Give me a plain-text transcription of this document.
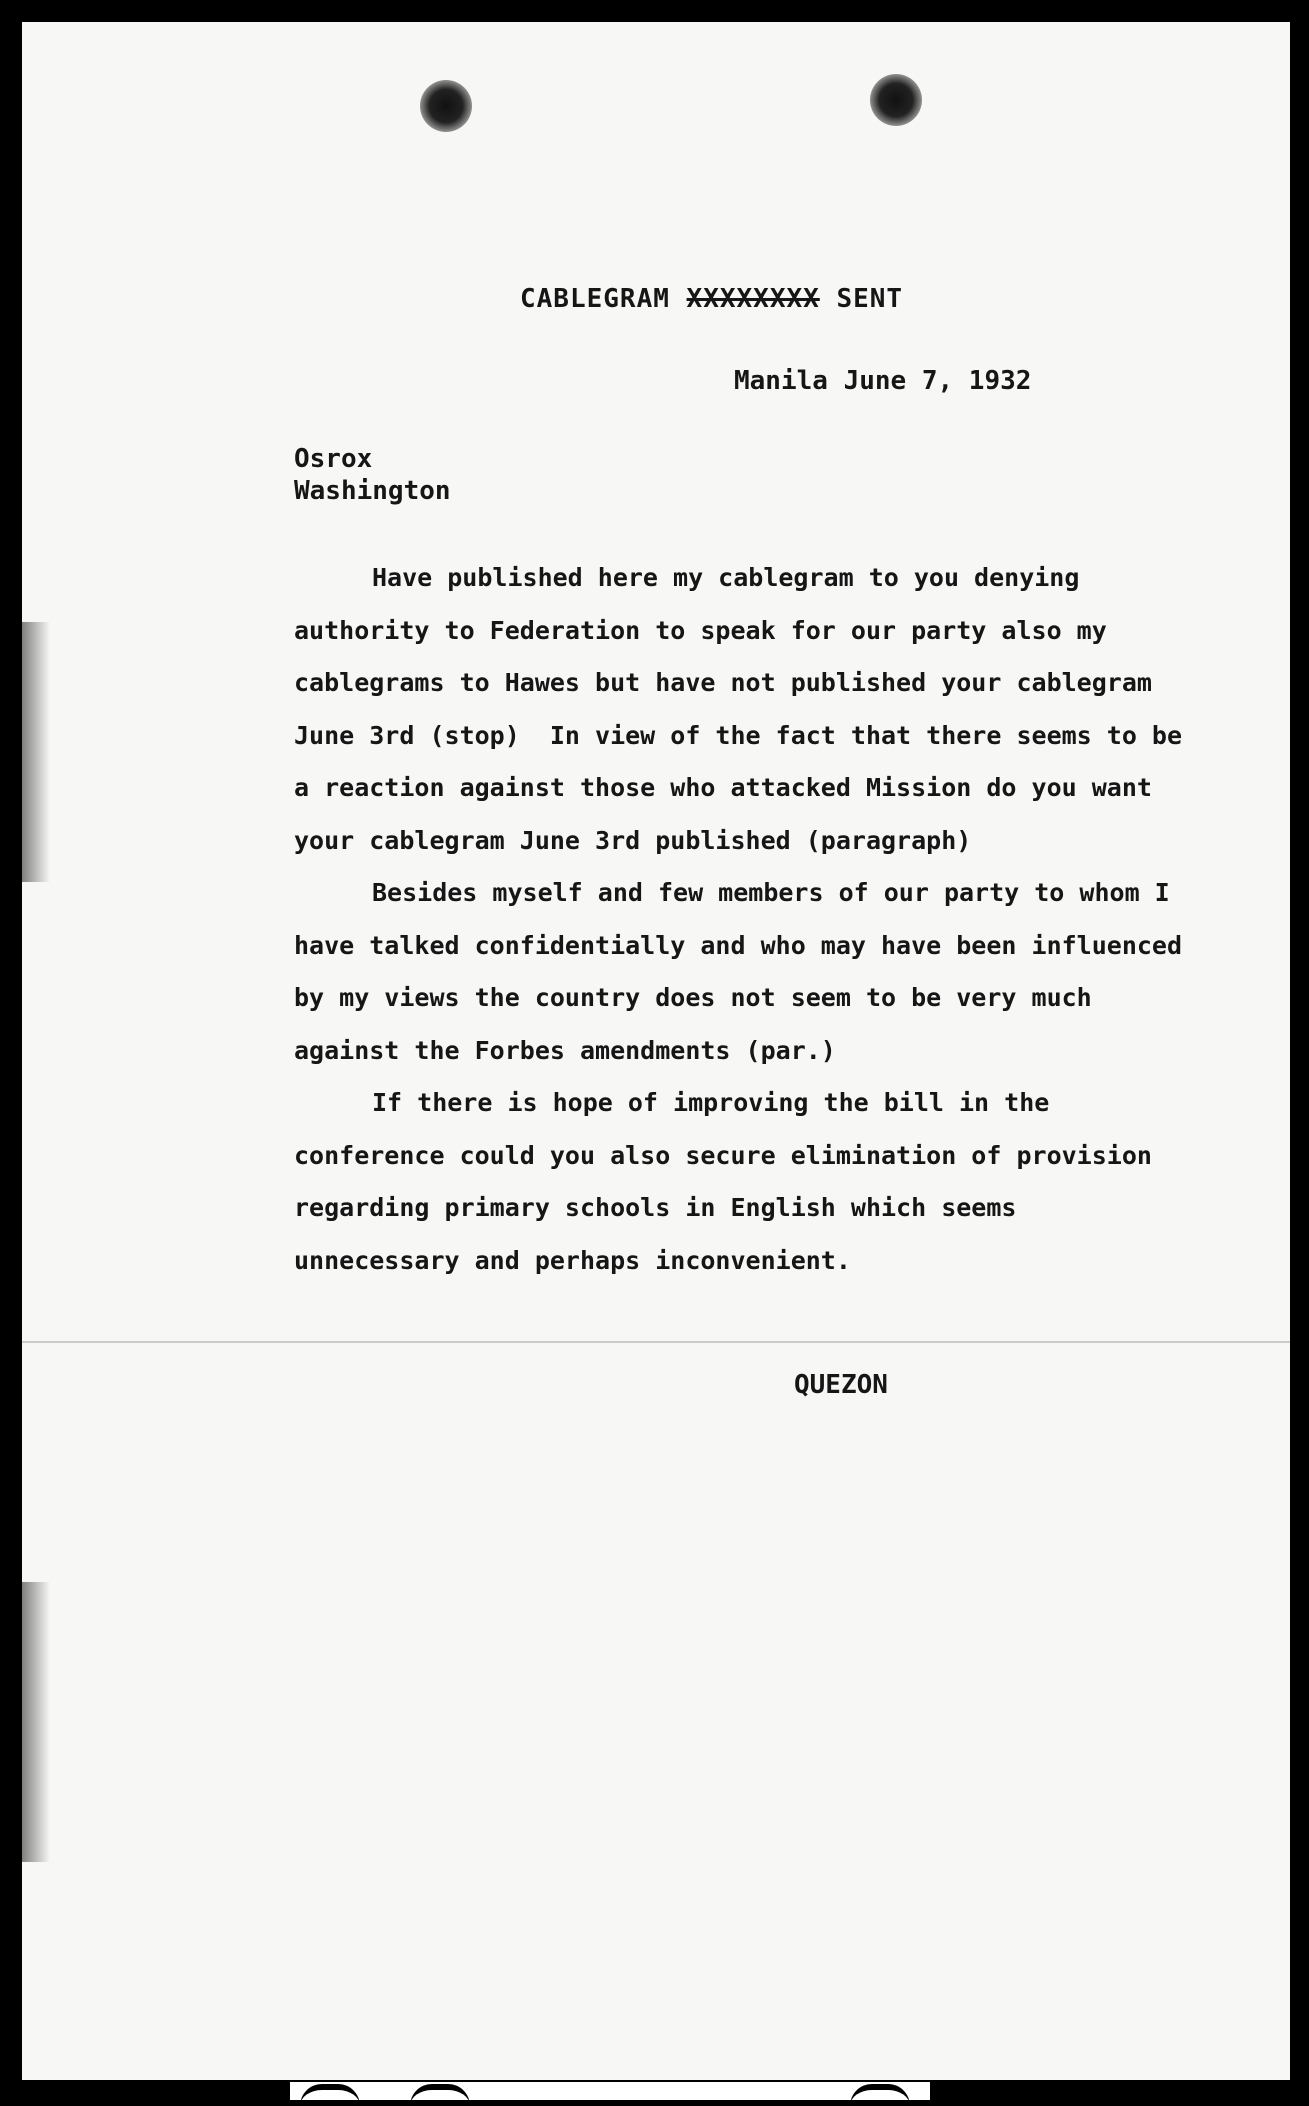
CABLEGRAM XXXXXXXX SENT
Manila June 7, 1932
Osrox
Washington

Have published here my cablegram to you denying authority to Federation to speak for our party also my cablegrams to Hawes but have not published your cablegram June 3rd (stop)  In view of the fact that there seems to be a reaction against those who attacked Mission do you want your cablegram June 3rd published (paragraph)

Besides myself and few members of our party to whom I have talked confidentially and who may have been influenced by my views the country does not seem to be very much against the Forbes amendments (par.)

If there is hope of improving the bill in the conference could you also secure elimination of provision regarding primary schools in English which seems unnecessary and perhaps inconvenient.

QUEZON
